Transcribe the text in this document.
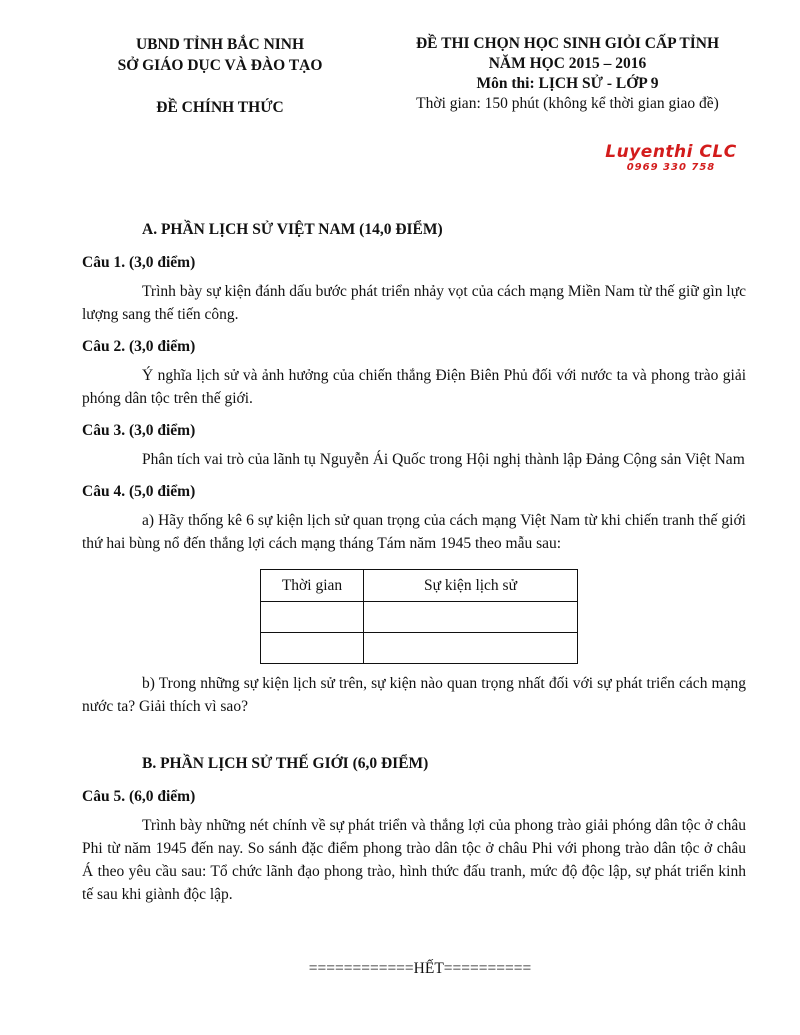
UBND TỈNH BẮC NINH
SỞ GIÁO DỤC VÀ ĐÀO TẠO
ĐỀ CHÍNH THỨC
ĐỀ THI CHỌN HỌC SINH GIỎI CẤP TỈNH
NĂM HỌC 2015 – 2016
Môn thi: LỊCH SỬ - LỚP 9
Thời gian: 150 phút (không kể thời gian giao đề)
Luyenthi CLC
0969 330 758
A. PHẦN LỊCH SỬ VIỆT NAM (14,0 ĐIỂM)
Câu 1. (3,0 điểm)
Trình bày sự kiện đánh dấu bước phát triển nhảy vọt của cách mạng Miền Nam từ thế giữ gìn lực lượng sang thế tiến công.
Câu 2. (3,0 điểm)
Ý nghĩa lịch sử và ảnh hưởng của chiến thắng Điện Biên Phủ đối với nước ta và phong trào giải phóng dân tộc trên thế giới.
Câu 3. (3,0 điểm)
Phân tích vai trò của lãnh tụ Nguyễn Ái Quốc trong Hội nghị thành lập Đảng Cộng sản Việt Nam
Câu 4. (5,0 điểm)
a) Hãy thống kê 6 sự kiện lịch sử quan trọng của cách mạng Việt Nam từ khi chiến tranh thế giới thứ hai bùng nổ đến thắng lợi cách mạng tháng Tám năm 1945 theo mẫu sau:
Thời gian	Sự kiện lịch sử

b) Trong những sự kiện lịch sử trên, sự kiện nào quan trọng nhất đối với sự phát triển cách mạng nước ta? Giải thích vì sao?
B. PHẦN LỊCH SỬ THẾ GIỚI (6,0 ĐIỂM)
Câu 5. (6,0 điểm)
Trình bày những nét chính về sự phát triển và thắng lợi của phong trào giải phóng dân tộc ở châu Phi từ năm 1945 đến nay. So sánh đặc điểm phong trào dân tộc ở châu Phi với phong trào dân tộc ở châu Á theo yêu cầu sau: Tổ chức lãnh đạo phong trào, hình thức đấu tranh, mức độ độc lập, sự phát triển kinh tế sau khi giành độc lập.
============HẾT==========
